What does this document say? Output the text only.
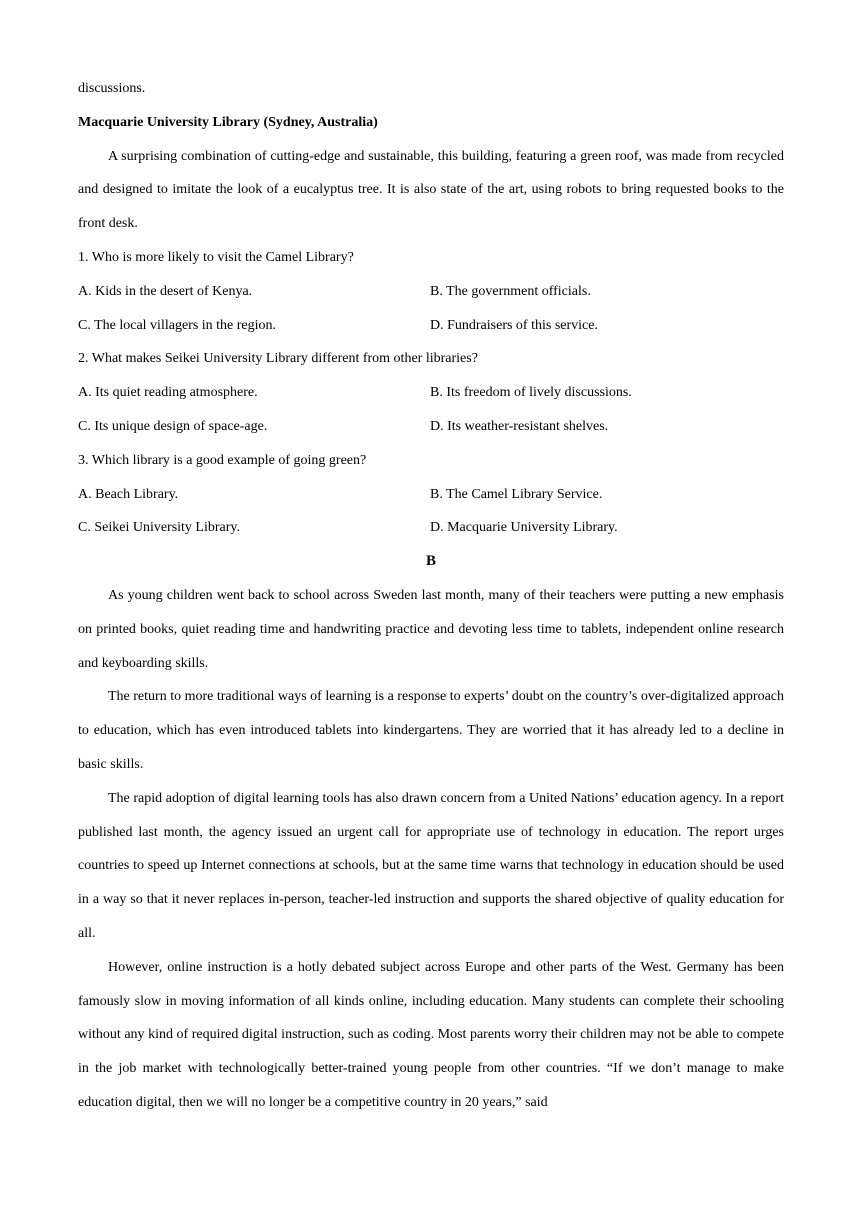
discussions.
Macquarie University Library (Sydney, Australia)

A surprising combination of cutting-edge and sustainable, this building, featuring a green roof, was made from recycled and designed to imitate the look of a eucalyptus tree. It is also state of the art, using robots to bring requested books to the front desk.

1. Who is more likely to visit the Camel Library?
A. Kids in the desert of Kenya.	B. The government officials.
C. The local villagers in the region.	D. Fundraisers of this service.
2. What makes Seikei University Library different from other libraries?
A. Its quiet reading atmosphere.	B. Its freedom of lively discussions.
C. Its unique design of space-age.	D. Its weather-resistant shelves.
3. Which library is a good example of going green?
A. Beach Library.	B. The Camel Library Service.
C. Seikei University Library.	D. Macquarie University Library.
B

As young children went back to school across Sweden last month, many of their teachers were putting a new emphasis on printed books, quiet reading time and handwriting practice and devoting less time to tablets, independent online research and keyboarding skills.

The return to more traditional ways of learning is a response to experts’ doubt on the country’s over-digitalized approach to education, which has even introduced tablets into kindergartens. They are worried that it has already led to a decline in basic skills.

The rapid adoption of digital learning tools has also drawn concern from a United Nations’ education agency. In a report published last month, the agency issued an urgent call for appropriate use of technology in education. The report urges countries to speed up Internet connections at schools, but at the same time warns that technology in education should be used in a way so that it never replaces in-person, teacher-led instruction and supports the shared objective of quality education for all.

However, online instruction is a hotly debated subject across Europe and other parts of the West. Germany has been famously slow in moving information of all kinds online, including education. Many students can complete their schooling without any kind of required digital instruction, such as coding. Most parents worry their children may not be able to compete in the job market with technologically better-trained young people from other countries. “If we don’t manage to make education digital, then we will no longer be a competitive country in 20 years,” said
